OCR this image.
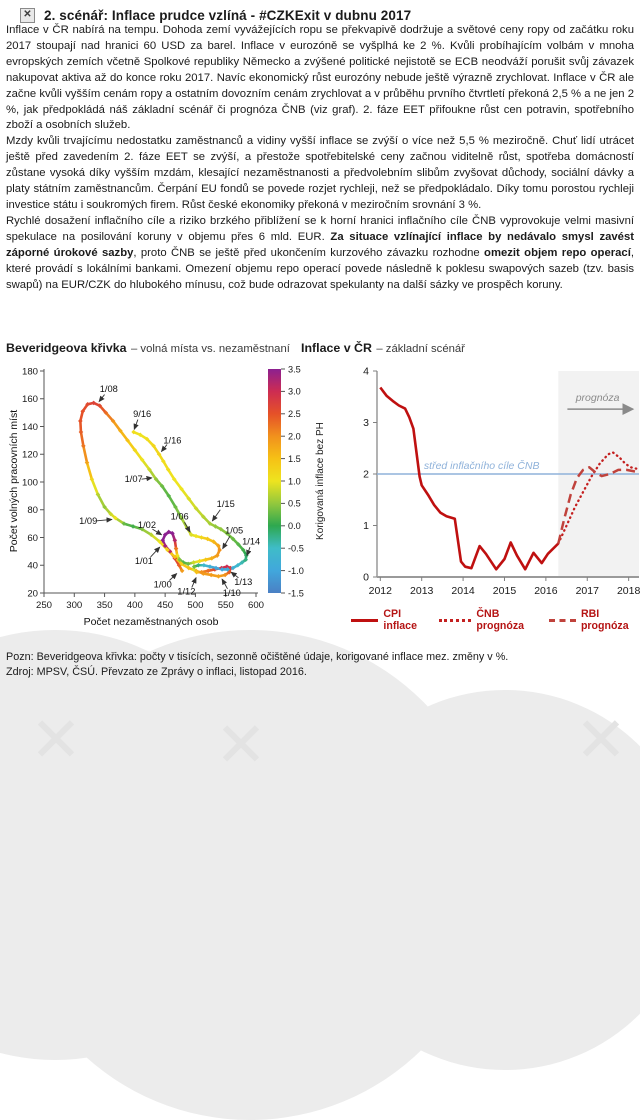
✕ ✕	✕
✕ 2. scénář: Inflace prudce vzlíná - #CZKExit v dubnu 2017

Inflace v ČR nabírá na tempu. Dohoda zemí vyvážejících ropu se překvapivě dodržuje a světové ceny ropy od začátku roku 2017 stoupají nad hranici 60 USD za barel. Inflace v eurozóně se vyšplhá ke 2 %. Kvůli probíhajícím volbám v mnoha evropských zemích včetně Spolkové republiky Německo a zvýšené politické nejistotě se ECB neodváží porušit svůj závazek nakupovat aktiva až do konce roku 2017. Navíc ekonomický růst eurozóny nebude ještě výrazně zrychlovat. Inflace v ČR ale začne kvůli vyšším cenám ropy a ostatním dovozním cenám zrychlovat a v průběhu prvního čtvrtletí překoná 2,5 % a ne jen 2 %, jak předpokládá náš základní scénář či prognóza ČNB (viz graf). 2. fáze EET přifoukne růst cen potravin, spotřebního zboží a osobních služeb.

Mzdy kvůli trvajícímu nedostatku zaměstnanců a vidiny vyšší inflace se zvýší o více než 5,5 % meziročně. Chuť lidí utrácet ještě před zavedením 2. fáze EET se zvýší, a přestože spotřebitelské ceny začnou viditelně růst, spotřeba domácností zůstane vysoká díky vyšším mzdám, klesající nezaměstnanosti a předvolebním slibům zvyšovat důchody, sociální dávky a platy státním zaměstnancům. Čerpání EU fondů se povede rozjet rychleji, než se předpokládalo. Díky tomu porostou rychleji investice státu i soukromých firem. Růst české ekonomiky překoná v meziročním srovnání 3 %.

Rychlé dosažení inflačního cíle a riziko brzkého přiblížení se k horní hranici inflačního cíle ČNB vyprovokuje velmi masivní spekulace na posilování koruny v objemu přes 6 mld. EUR. Za situace vzlínající inflace by nedávalo smysl zavést záporné úrokové sazby, proto ČNB se ještě před ukončením kurzového závazku rozhodne omezit objem repo operací, které provádí s lokálními bankami. Omezení objemu repo operací povede následně k poklesu swapových sazeb (tzv. basis swapů) na EUR/CZK do hlubokého mínusu, což bude odrazovat spekulanty na další sázky ve prospěch koruny.

Beveridgeova křivka – volná místa vs. nezaměstnaní Inflace v ČR – základní scénář
250 300 350 400 450 500 550 600
20
40
60
80
100
120
140
160
180
Počet nezaměstnaných osob
Počet volných pracovních míst
1/08
9/16
1/16
1/07
1/15
1/09	1/02
1/06
1/05
1/14
1/01
1/00
1/12
1/13
1/10
3.5
3.0
2.5
2.0
1.5
1.0
0.5
0.0
-0.5
-1.0
-1.5
Korigovaná inflace bez PH
0
1
2
3
4
2012 2013 2014 2015 2016 2017 2018
střed inflačního cíle ČNB
prognóza
CPI inflace
ČNB prognóza
RBI prognóza
Pozn: Beveridgeova křivka: počty v tisících, sezonně očištěné údaje, korigované inflace mez. změny v %.
Zdroj: MPSV, ČSÚ. Převzato ze Zprávy o inflaci, listopad 2016.
